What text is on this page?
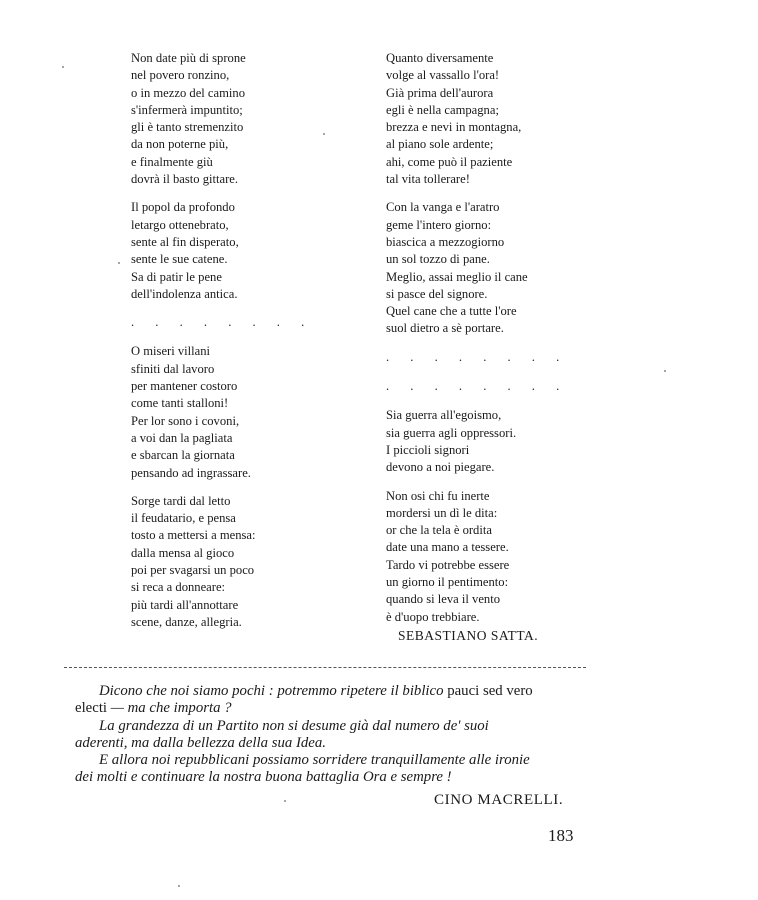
Non date più di sprone
nel povero ronzino,
o in mezzo del camino
s'infermerà impuntito;
gli è tanto stremenzito
da non poterne più,
e finalmente giù
dovrà il basto gittare.
Il popol da profondo
letargo ottenebrato,
sente al fin disperato,
sente le sue catene.
Sa di patir le pene
dell'indolenza antica.
. . . . . . . .
O miseri villani
sfiniti dal lavoro
per mantener costoro
come tanti stalloni!
Per lor sono i covoni,
a voi dan la pagliata
e sbarcan la giornata
pensando ad ingrassare.
Sorge tardi dal letto
il feudatario, e pensa
tosto a mettersi a mensa:
dalla mensa al gioco
poi per svagarsi un poco
si reca a donneare:
più tardi all'annottare
scene, danze, allegria.
Quanto diversamente
volge al vassallo l'ora!
Già prima dell'aurora
egli è nella campagna;
brezza e nevi in montagna,
al piano sole ardente;
ahi, come può il paziente
tal vita tollerare!
Con la vanga e l'aratro
geme l'intero giorno:
biascica a mezzogiorno
un sol tozzo di pane.
Meglio, assai meglio il cane
si pasce del signore.
Quel cane che a tutte l'ore
suol dietro a sè portare.
. . . . . . . .
. . . . . . . .
Sia guerra all'egoismo,
sia guerra agli oppressori.
I piccioli signori
devono a noi piegare.
Non osi chi fu inerte
mordersi un dì le dita:
or che la tela è ordita
date una mano a tessere.
Tardo vi potrebbe essere
un giorno il pentimento:
quando si leva il vento
è d'uopo trebbiare.
SEBASTIANO SATTA.
Dicono che noi siamo pochi : potremmo ripetere il biblico pauci sed vero
electi — ma che importa ?
La grandezza di un Partito non si desume già dal numero de' suoi
aderenti, ma dalla bellezza della sua Idea.
E allora noi repubblicani possiamo sorridere tranquillamente alle ironie
dei molti e continuare la nostra buona battaglia Ora e sempre !
CINO MACRELLI.
183
